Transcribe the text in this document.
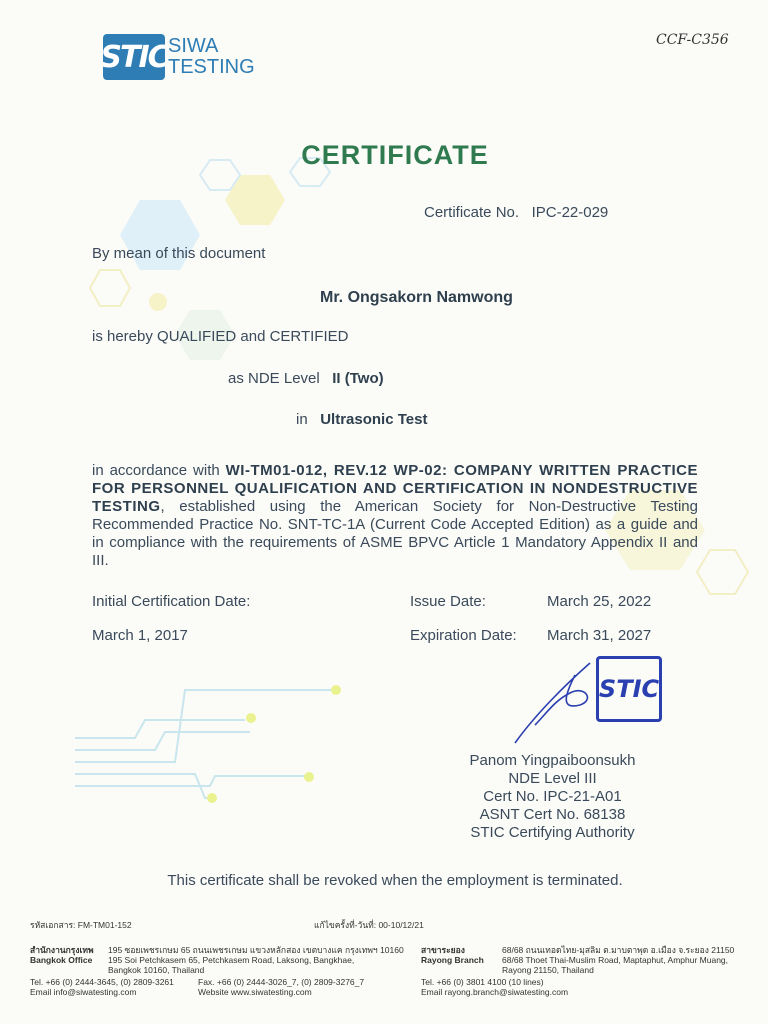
STIC SIWA
TESTING
CCF-C356
CERTIFICATE
Certificate No. IPC-22-029
By mean of this document
Mr. Ongsakorn Namwong
is hereby QUALIFIED and CERTIFIED
as NDE Level II (Two)
in Ultrasonic Test
in accordance with WI-TM01-012, REV.12 WP-02: COMPANY WRITTEN PRACTICE FOR PERSONNEL QUALIFICATION AND CERTIFICATION IN NONDESTRUCTIVE TESTING, established using the American Society for Non-Destructive Testing Recommended Practice No. SNT-TC-1A (Current Code Accepted Edition) as a guide and in compliance with the requirements of ASME BPVC Article 1 Mandatory Appendix II and III.
Initial Certification Date:
March 1, 2017
Issue Date:	March 25, 2022
Expiration Date: March 31, 2027
STIC
Panom Yingpaiboonsukh
NDE Level III
Cert No. IPC-21-A01
ASNT Cert No. 68138
STIC Certifying Authority
This certificate shall be revoked when the employment is terminated.
รหัสเอกสาร: FM-TM01-152	แก้ไขครั้งที่-วันที่: 00-10/12/21
สำนักงานกรุงเทพ
Bangkok Office
195 ซอยเพชรเกษม 65 ถนนเพชรเกษม แขวงหลักสอง เขตบางแค กรุงเทพฯ 10160
195 Soi Petchkasem 65, Petchkasem Road, Laksong, Bangkhae,
Bangkok 10160, Thailand
Tel. +66 (0) 2444-3645, (0) 2809-3261
Email info@siwatesting.com
Fax. +66 (0) 2444-3026_7, (0) 2809-3276_7
Website www.siwatesting.com
สาขาระยอง
Rayong Branch
68/68 ถนนเทอดไทย-มุสลิม ต.มาบตาพุด อ.เมือง จ.ระยอง 21150
68/68 Thoet Thai-Muslim Road, Maptaphut, Amphur Muang,
Rayong 21150, Thailand
Tel. +66 (0) 3801 4100 (10 lines)
Email rayong.branch@siwatesting.com
